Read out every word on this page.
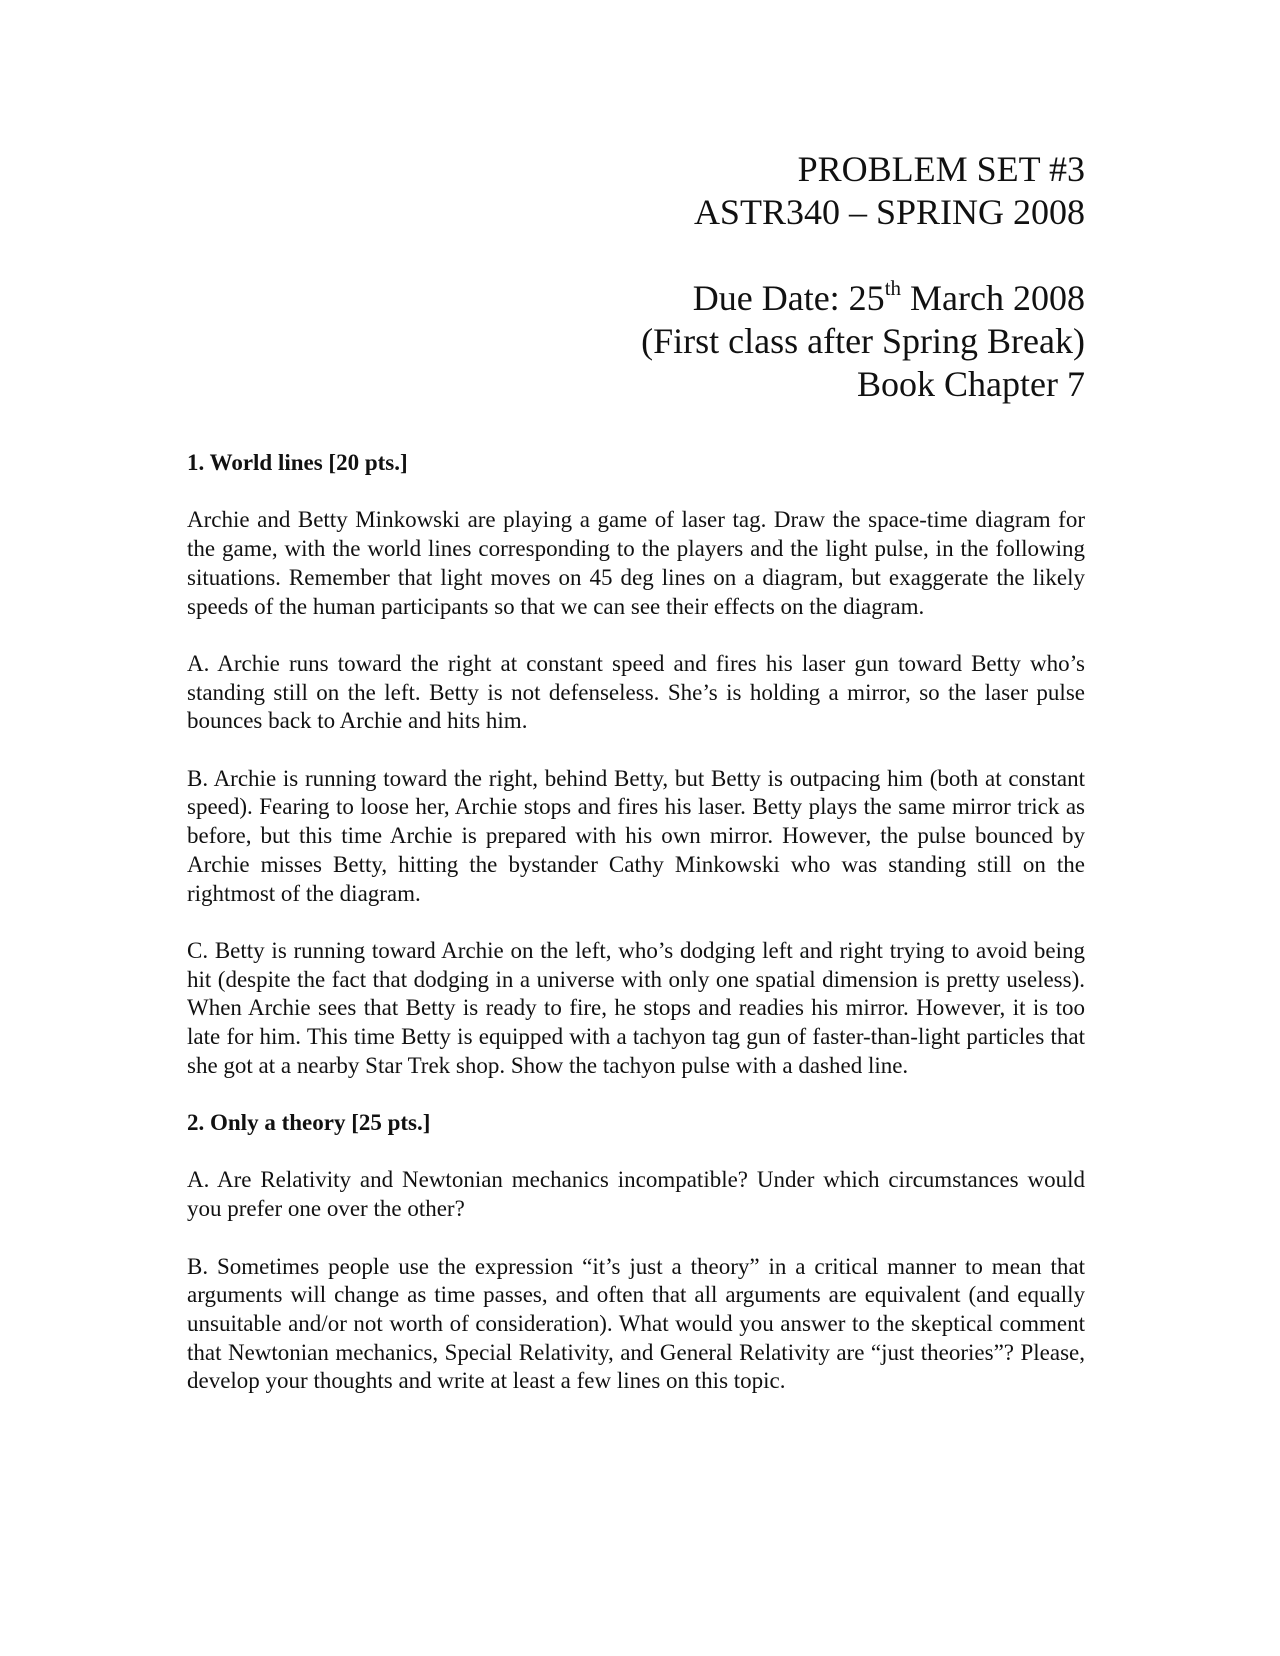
PROBLEM SET #3
ASTR340 – SPRING 2008
Due Date: 25th March 2008
(First class after Spring Break)
Book Chapter 7
1. World lines [20 pts.]

Archie and Betty Minkowski are playing a game of laser tag. Draw the space-time diagram for the game, with the world lines corresponding to the players and the light pulse, in the following situations. Remember that light moves on 45 deg lines on a diagram, but exaggerate the likely speeds of the human participants so that we can see their effects on the diagram.

A. Archie runs toward the right at constant speed and fires his laser gun toward Betty who’s standing still on the left. Betty is not defenseless. She’s is holding a mirror, so the laser pulse bounces back to Archie and hits him.

B. Archie is running toward the right, behind Betty, but Betty is outpacing him (both at constant speed). Fearing to loose her, Archie stops and fires his laser. Betty plays the same mirror trick as before, but this time Archie is prepared with his own mirror. However, the pulse bounced by Archie misses Betty, hitting the bystander Cathy Minkowski who was standing still on the rightmost of the diagram.

C. Betty is running toward Archie on the left, who’s dodging left and right trying to avoid being hit (despite the fact that dodging in a universe with only one spatial dimension is pretty useless). When Archie sees that Betty is ready to fire, he stops and readies his mirror. However, it is too late for him. This time Betty is equipped with a tachyon tag gun of faster-than-light particles that she got at a nearby Star Trek shop. Show the tachyon pulse with a dashed line.

2. Only a theory [25 pts.]

A. Are Relativity and Newtonian mechanics incompatible? Under which circumstances would you prefer one over the other?

B. Sometimes people use the expression “it’s just a theory” in a critical manner to mean that arguments will change as time passes, and often that all arguments are equivalent (and equally unsuitable and/or not worth of consideration). What would you answer to the skeptical comment that Newtonian mechanics, Special Relativity, and General Relativity are “just theories”? Please, develop your thoughts and write at least a few lines on this topic.
